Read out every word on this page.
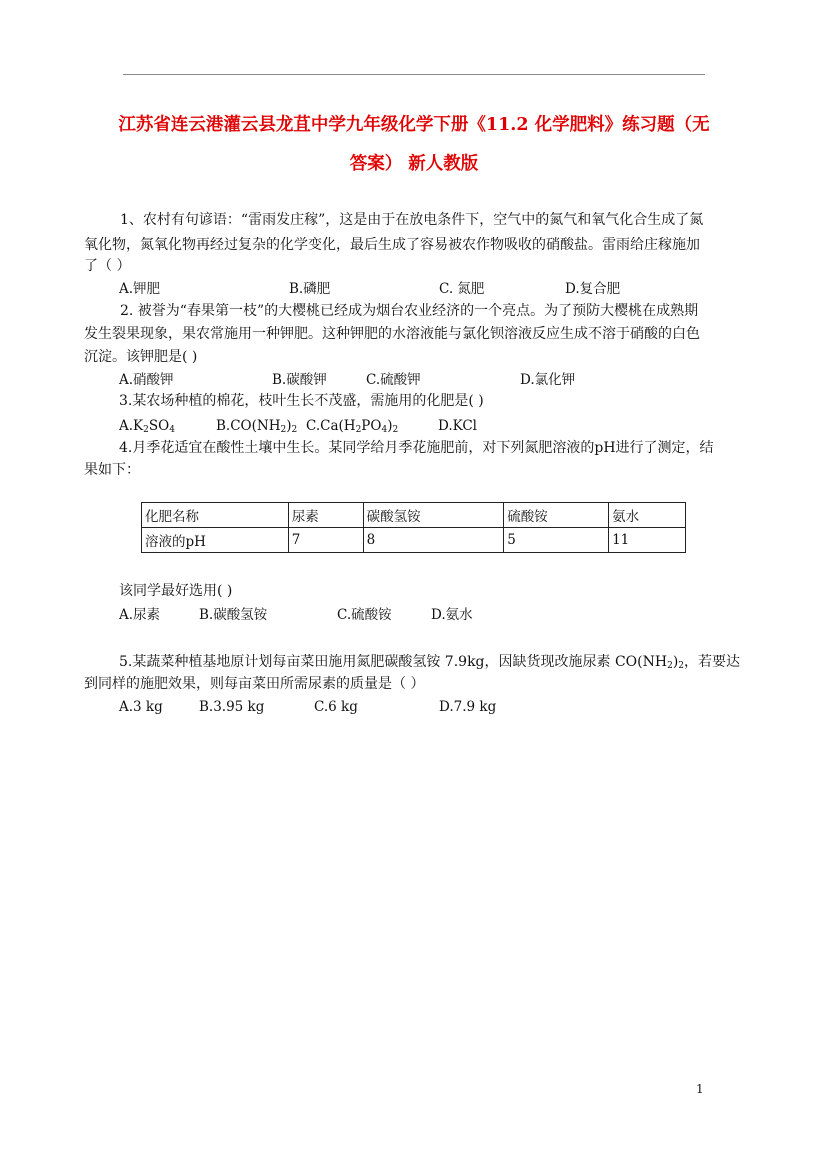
江苏省连云港灌云县龙苴中学九年级化学下册《11.2 化学肥料》练习题（无
答案） 新人教版
1、农村有句谚语：“雷雨发庄稼”，这是由于在放电条件下，空气中的氮气和氧气化合生成了氮
氧化物，氮氧化物再经过复杂的化学变化，最后生成了容易被农作物吸收的硝酸盐。雷雨给庄稼施加
了（ ）
A.钾肥	B.磷肥	C. 氮肥	D.复合肥
2. 被誉为“春果第一枝”的大樱桃已经成为烟台农业经济的一个亮点。为了预防大樱桃在成熟期
发生裂果现象，果农常施用一种钾肥。这种钾肥的水溶液能与氯化钡溶液反应生成不溶于硝酸的白色
沉淀。该钾肥是( )
A.硝酸钾	B.碳酸钾	C.硫酸钾	D.氯化钾
3.某农场种植的棉花，枝叶生长不茂盛，需施用的化肥是( )
$A.K_2SO_4$	$B.CO(NH_2)_2$ $C.Ca(H_2PO_4)_2$	D.KCl
4.月季花适宜在酸性土壤中生长。某同学给月季花施肥前，对下列氮肥溶液的pH进行了测定，结
果如下：
化肥名称	尿素	碳酸氢铵	硫酸铵	氨水
溶液的pH	7	8	5	11
该同学最好选用( )
A.尿素	B.碳酸氢铵	C.硫酸铵	D.氨水
5.某蔬菜种植基地原计划每亩菜田施用氮肥碳酸氢铵 7.9kg，因缺货现改施尿素 $CO(NH_2)_2$，若要达
到同样的施肥效果，则每亩菜田所需尿素的质量是（ ）
A.3 kg	B.3.95 kg	C.6 kg	D.7.9 kg
1
